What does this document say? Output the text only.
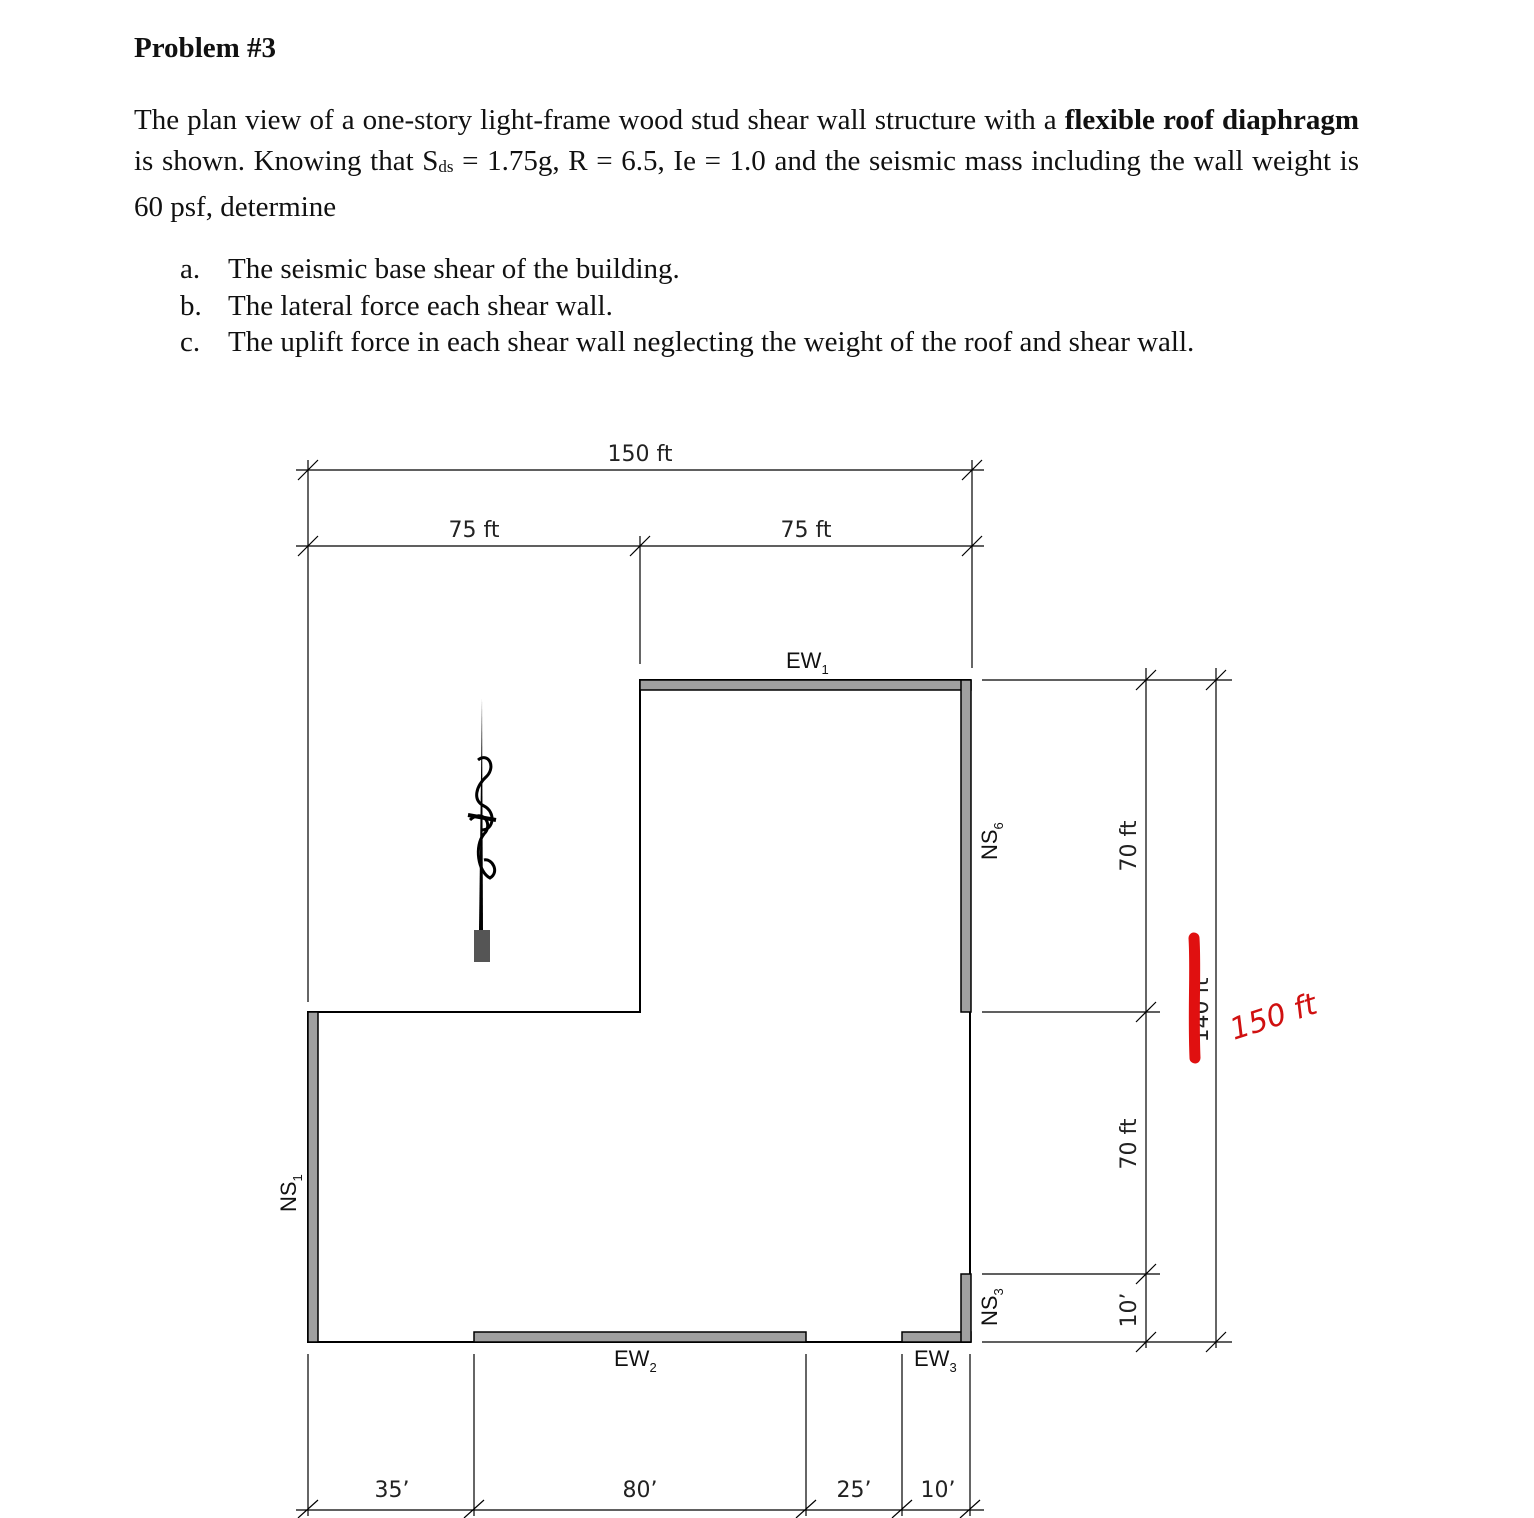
Problem #3

The plan view of a one-story light-frame wood stud shear wall structure with a flexible roof diaphragm is shown. Knowing that $S_{ds} = 1.75g$, R = 6.5, Ie = 1.0 and the seismic mass including the wall weight is 60 psf, determine

a. The seismic base shear of the building.
b. The lateral force each shear wall.
c. The uplift force in each shear wall neglecting the weight of the roof and shear wall.
150 ft
75 ft	75 ft
70 ft
70 ft
10’
140 ft
35’	80’	25’ 10’
$EW_1$
$EW_2$	$EW_3$
$NS_1$
$NS_3$
$NS_6$
150 ft
